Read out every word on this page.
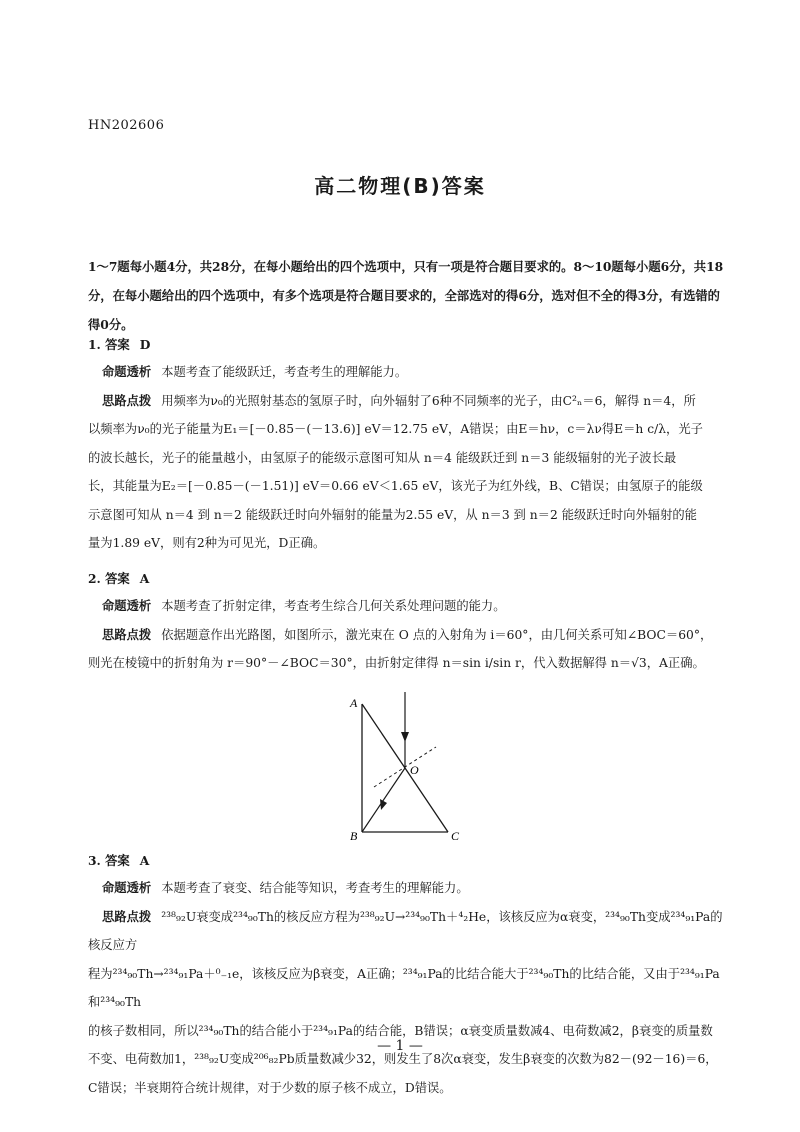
HN202606
高二物理(B)答案
1～7题每小题4分，共28分，在每小题给出的四个选项中，只有一项是符合题目要求的。8～10题每小题6分，共18分，在每小题给出的四个选项中，有多个选项是符合题目要求的，全部选对的得6分，选对但不全的得3分，有选错的得0分。
1. 答案 D
命题透析 本题考查了能级跃迁，考查考生的理解能力。
思路点拨 用频率为ν₀的光照射基态的氢原子时，向外辐射了6种不同频率的光子，由C²ₙ＝6，解得 n＝4，所
以频率为ν₀的光子能量为E₁＝[－0.85－(－13.6)] eV＝12.75 eV，A错误；由E＝hν，c＝λν得E＝h c/λ，光子
的波长越长，光子的能量越小，由氢原子的能级示意图可知从 n＝4 能级跃迁到 n＝3 能级辐射的光子波长最
长，其能量为E₂＝[－0.85－(－1.51)] eV＝0.66 eV＜1.65 eV，该光子为红外线，B、C错误；由氢原子的能级
示意图可知从 n＝4 到 n＝2 能级跃迁时向外辐射的能量为2.55 eV，从 n＝3 到 n＝2 能级跃迁时向外辐射的能
量为1.89 eV，则有2种为可见光，D正确。
2. 答案 A
命题透析 本题考查了折射定律，考查考生综合几何关系处理问题的能力。
思路点拨 依据题意作出光路图，如图所示，激光束在 O 点的入射角为 i＝60°，由几何关系可知∠BOC＝60°，
则光在棱镜中的折射角为 r＝90°－∠BOC＝30°，由折射定律得 n＝sin i/sin r，代入数据解得 n＝√3，A正确。
A
B	C
O
3. 答案 A
命题透析 本题考查了衰变、结合能等知识，考查考生的理解能力。
思路点拨 ²³⁸₉₂U衰变成²³⁴₉₀Th的核反应方程为²³⁸₉₂U→²³⁴₉₀Th＋⁴₂He，该核反应为α衰变，²³⁴₉₀Th变成²³⁴₉₁Pa的核反应方
程为²³⁴₉₀Th→²³⁴₉₁Pa＋⁰₋₁e，该核反应为β衰变，A正确；²³⁴₉₁Pa的比结合能大于²³⁴₉₀Th的比结合能，又由于²³⁴₉₁Pa和²³⁴₉₀Th
的核子数相同，所以²³⁴₉₀Th的结合能小于²³⁴₉₁Pa的结合能，B错误；α衰变质量数减4、电荷数减2，β衰变的质量数
不变、电荷数加1，²³⁸₉₂U变成²⁰⁶₈₂Pb质量数减少32，则发生了8次α衰变，发生β衰变的次数为82－(92－16)＝6，
C错误；半衰期符合统计规律，对于少数的原子核不成立，D错误。
— 1 —
